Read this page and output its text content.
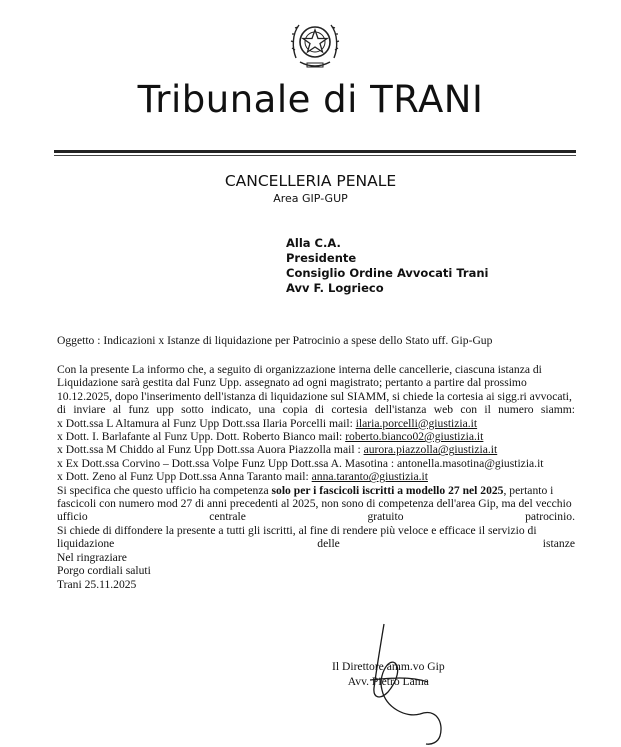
Tribunale di TRANI
CANCELLERIA PENALE
Area GIP-GUP
Alla C.A.
Presidente
Consiglio Ordine Avvocati Trani
Avv F. Logrieco
Oggetto : Indicazioni x Istanze di liquidazione per Patrocinio a spese dello Stato uff. Gip-Gup

Con la presente La informo che, a seguito di organizzazione interna delle cancellerie, ciascuna istanza di Liquidazione sarà gestita dal Funz Upp. assegnato ad ogni magistrato; pertanto a partire dal prossimo 10.12.2025, dopo l'inserimento dell'istanza di liquidazione sul SIAMM, si chiede la cortesia ai sigg.ri avvocati, di inviare al funz upp sotto indicato, una copia di cortesia dell'istanza web con il numero siamm:

x Dott.ssa L Altamura al Funz Upp Dott.ssa Ilaria Porcelli mail: ilaria.porcelli@giustizia.it
x Dott. I. Barlafante al Funz Upp. Dott. Roberto Bianco mail: roberto.bianco02@giustizia.it
x Dott.ssa M Chiddo al Funz Upp Dott.ssa Auora Piazzolla mail : aurora.piazzolla@giustizia.it
x Ex Dott.ssa Corvino – Dott.ssa Volpe Funz Upp Dott.ssa A. Masotina : antonella.masotina@giustizia.it
x Dott. Zeno al Funz Upp Dott.ssa Anna Taranto mail: anna.taranto@giustizia.it

Si specifica che questo ufficio ha competenza solo per i fascicoli iscritti a modello 27 nel 2025, pertanto i fascicoli con numero mod 27 di anni precedenti al 2025, non sono di competenza dell'area Gip, ma del vecchio ufficio centrale gratuito patrocinio.

Si chiede di diffondere la presente a tutti gli iscritti, al fine di rendere più veloce e efficace il servizio di liquidazione delle istanze

Nel ringraziare

Porgo cordiali saluti

Trani 25.11.2025

Il Direttore amm.vo Gip
Avv. Pietro Lama
